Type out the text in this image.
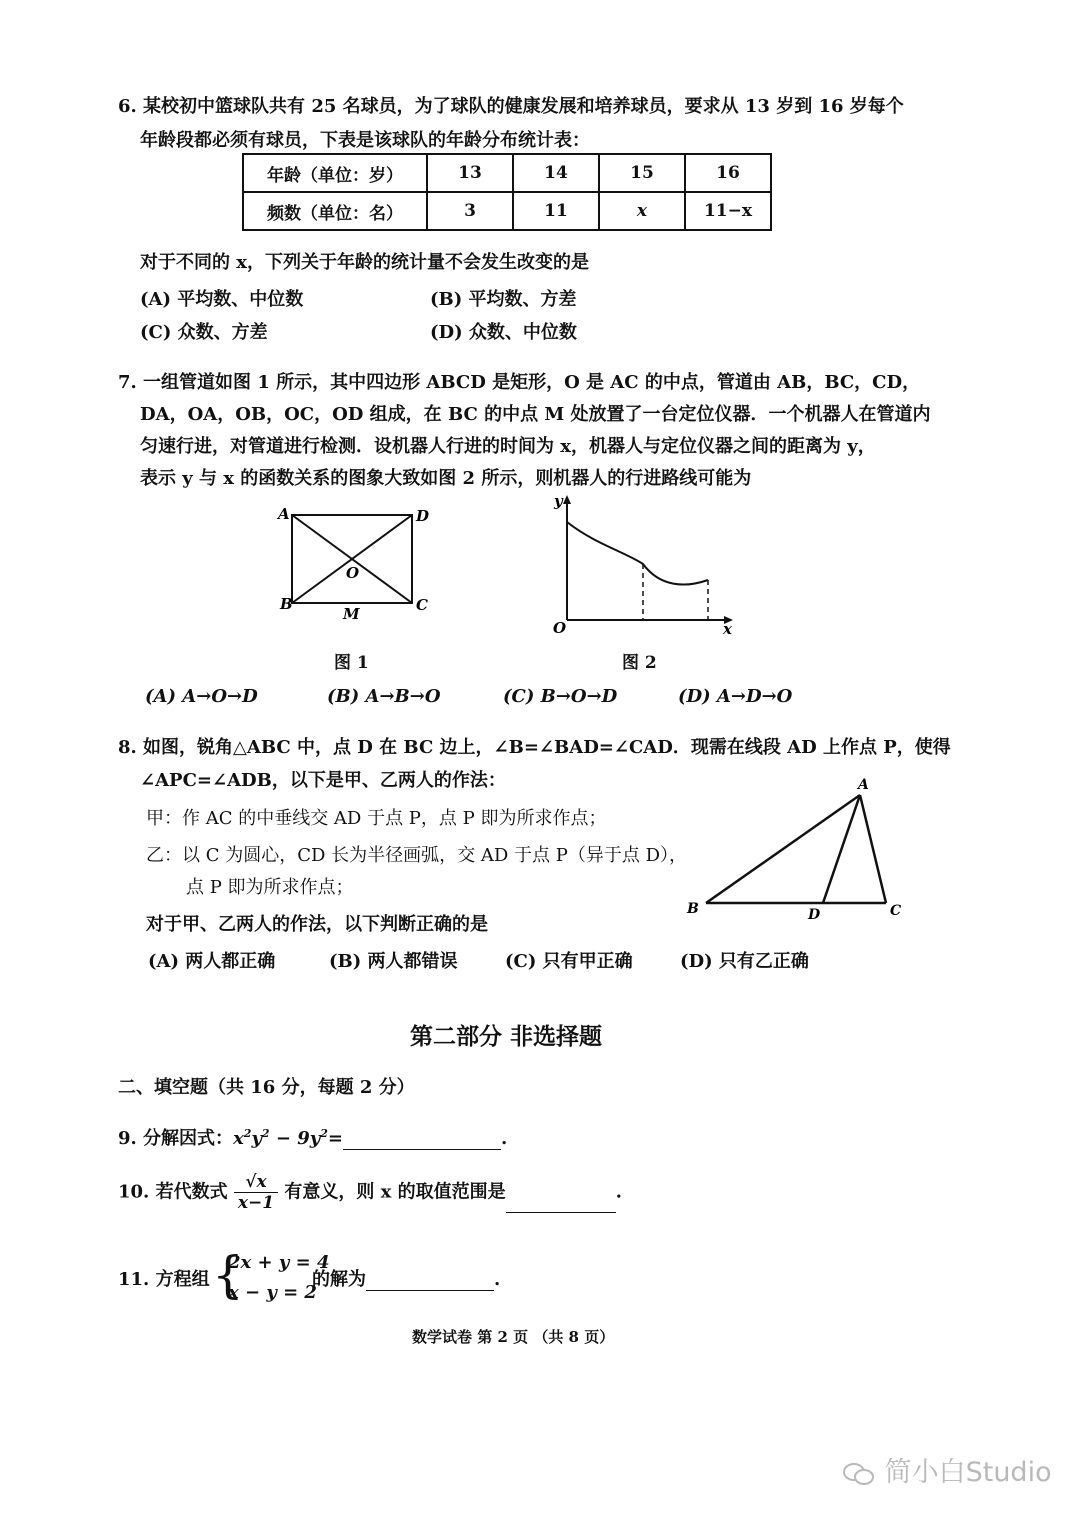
6. 某校初中篮球队共有 25 名球员，为了球队的健康发展和培养球员，要求从 13 岁到 16 岁每个
年龄段都必须有球员，下表是该球队的年龄分布统计表：
年龄（单位：岁）	13	14	15	16
频数（单位：名）	3	11	x	11−x
对于不同的 x，下列关于年龄的统计量不会发生改变的是
(A) 平均数、中位数	(B) 平均数、方差
(C) 众数、方差	(D) 众数、中位数
7. 一组管道如图 1 所示，其中四边形 ABCD 是矩形，O 是 AC 的中点，管道由 AB，BC，CD，
DA，OA，OB，OC，OD 组成，在 BC 的中点 M 处放置了一台定位仪器．一个机器人在管道内
匀速行进，对管道进行检测．设机器人行进的时间为 x，机器人与定位仪器之间的距离为 y，
表示 y 与 x 的函数关系的图象大致如图 2 所示，则机器人的行进路线可能为
A	D
O
B	C
M
图 1
y
x
O
图 2
(A) A→O→D	(B) A→B→O	(C) B→O→D	(D) A→D→O
8. 如图，锐角△ABC 中，点 D 在 BC 边上，∠B=∠BAD=∠CAD．现需在线段 AD 上作点 P，使得
∠APC=∠ADB，以下是甲、乙两人的作法：
甲：作 AC 的中垂线交 AD 于点 P，点 P 即为所求作点；
乙：以 C 为圆心，CD 长为半径画弧，交 AD 于点 P（异于点 D），
点 P 即为所求作点；
对于甲、乙两人的作法，以下判断正确的是
A
B	D	C
(A) 两人都正确	(B) 两人都错误	(C) 只有甲正确	(D) 只有乙正确
第二部分 非选择题
二、填空题（共 16 分，每题 2 分）
9. 分解因式：$x^2y^2 - 9y^2=$	.
10. 若代数式 $\frac{√x}{x-1}$ 有意义，则 x 的取值范围是	.
11. 方程组 {
2x + y = 4
x − y = 2
的解为	.
数学试卷 第 2 页 （共 8 页）
简小白Studio
